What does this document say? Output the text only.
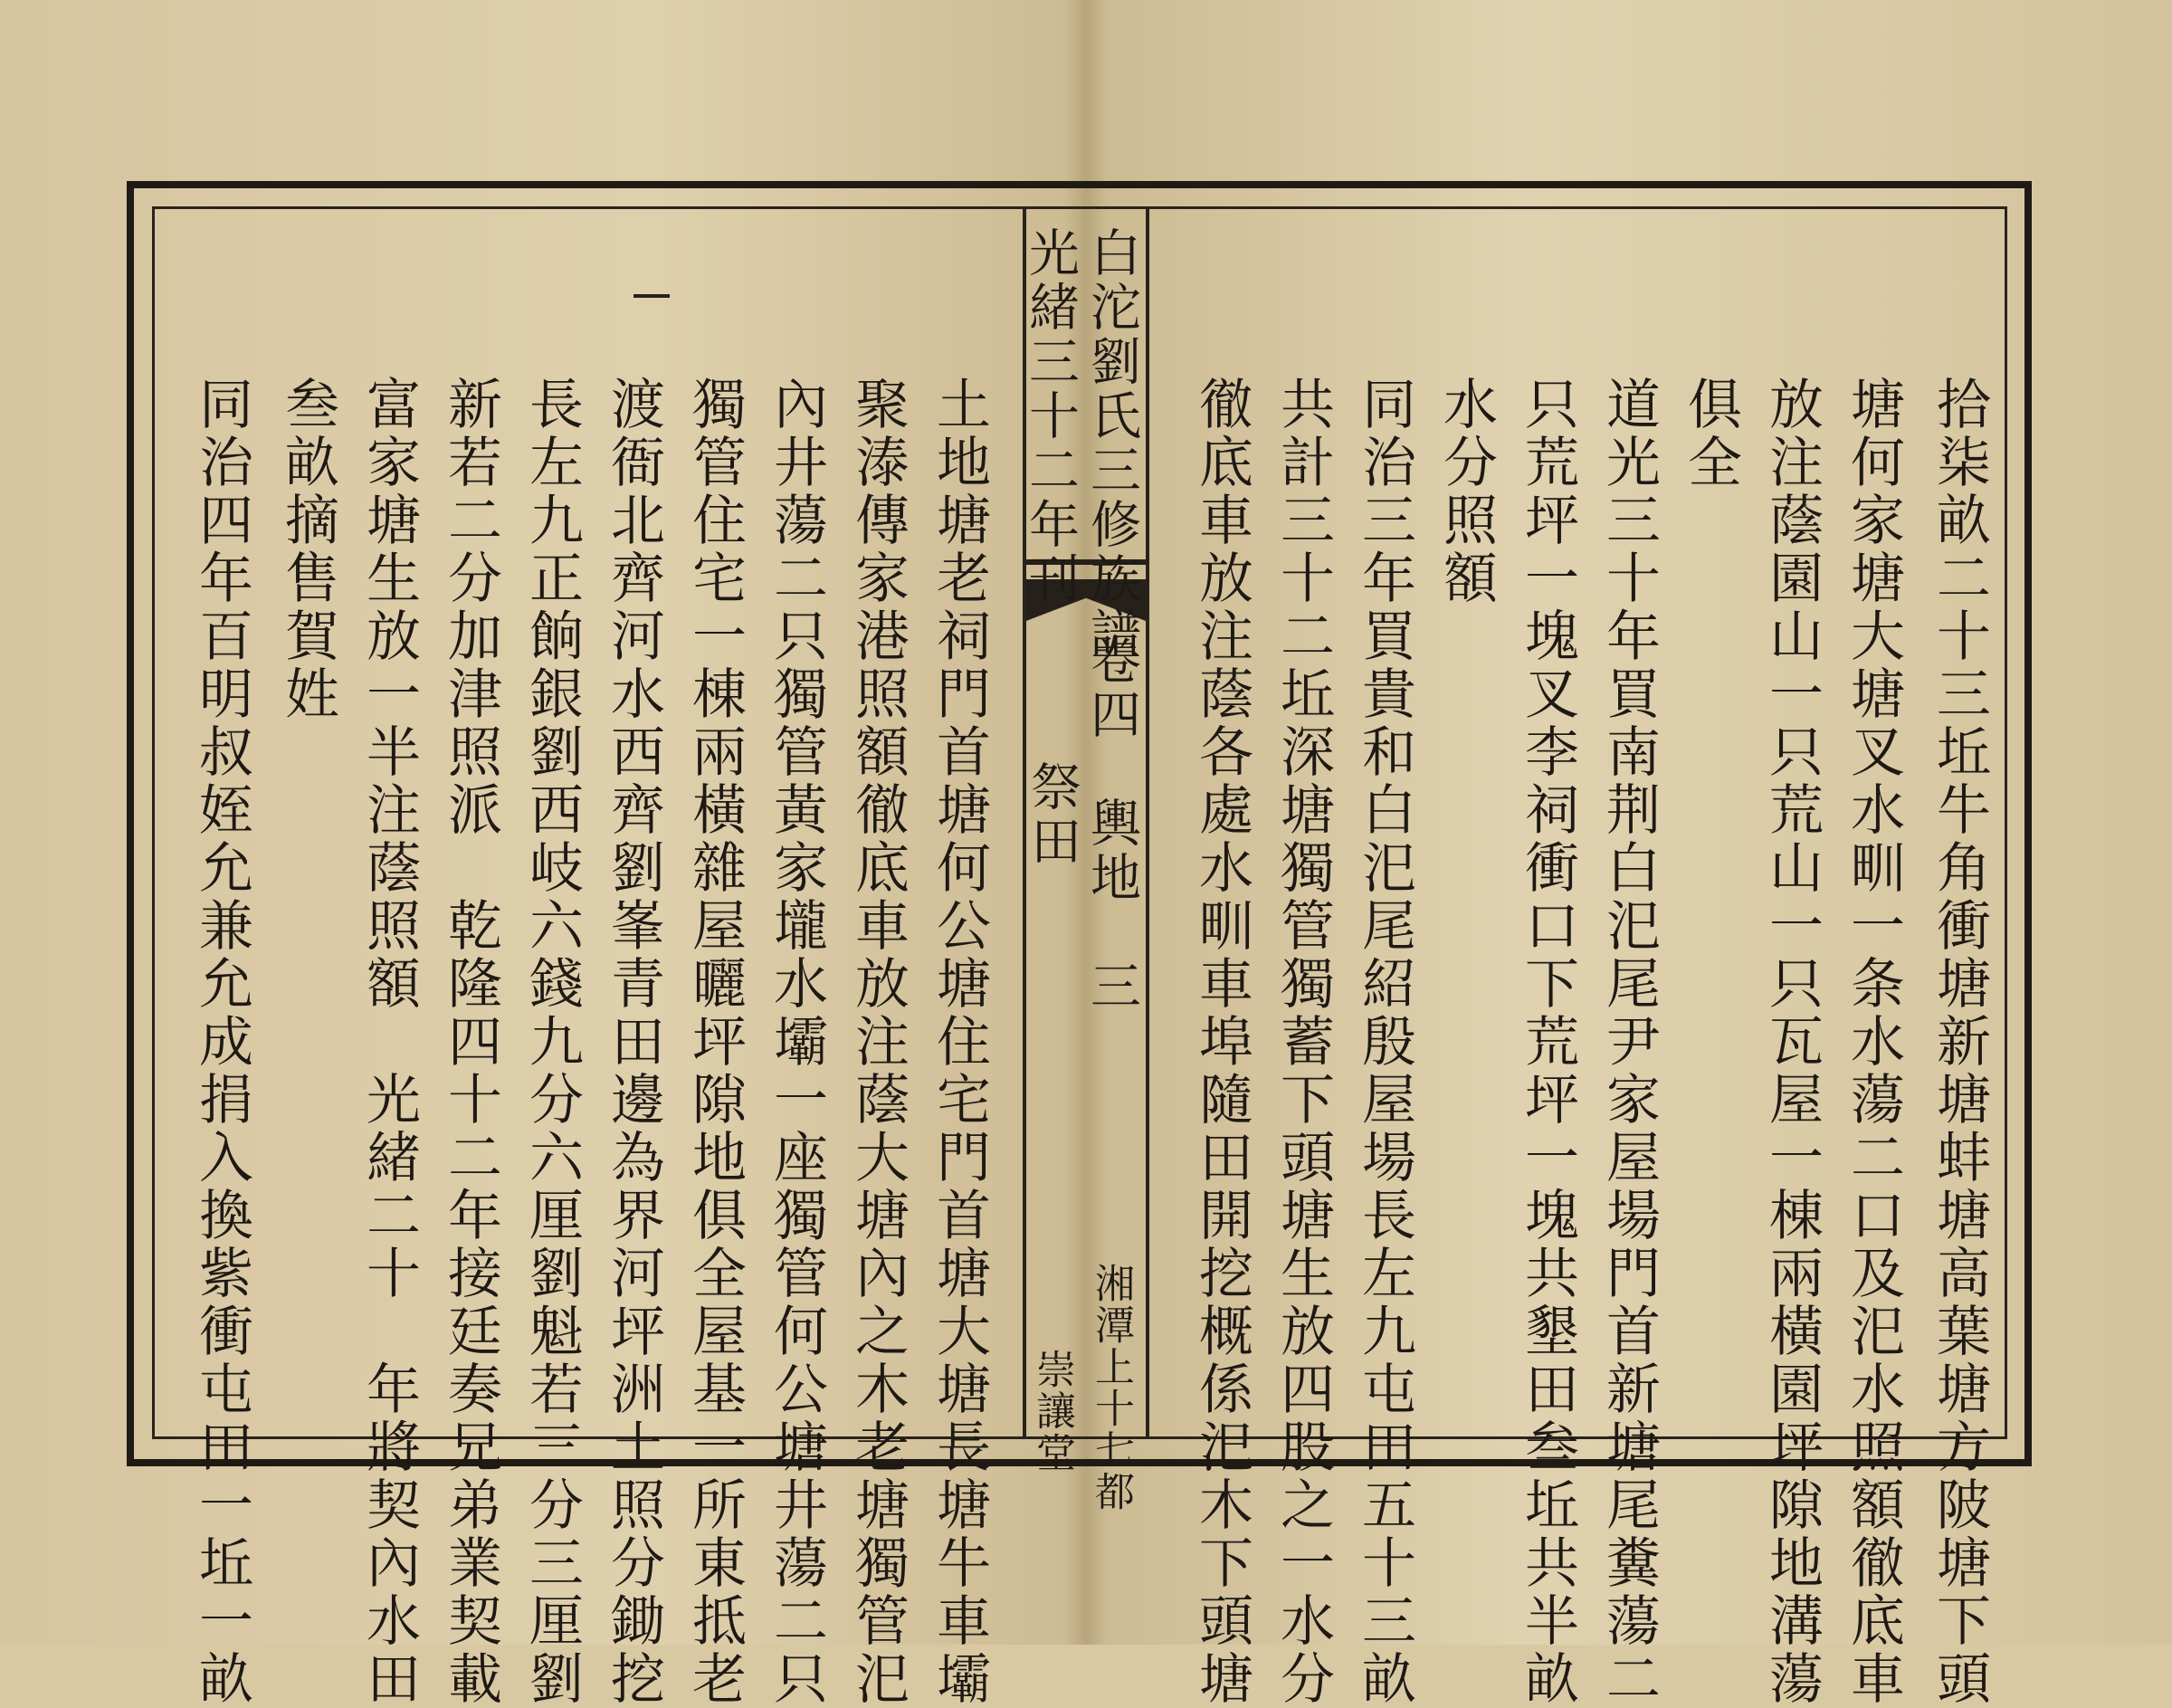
白沱劉氏三修族譜
光緒三十二年刊
卷四　輿地　三
祭田
湘潭上十七都
崇讓堂	拾柒畝二十三坵牛角衝塘新塘蚌塘高葉塘方陂塘下頭
塘何家塘大塘叉水甽一条水蕩二口及汜水照額徹底車
放注蔭園山一只荒山一只瓦屋一棟兩橫園坪隙地溝蕩
俱全
道光三十年買南荆白汜尾尹家屋場門首新塘尾糞蕩二
只荒坪一塊叉李祠衝口下荒坪一塊共墾田叁坵共半畝
水分照額
同治三年買貴和白汜尾紹殷屋場長左九屯田五十三畝
共計三十二坵深塘獨管獨蓄下頭塘生放四股之一水分
徹底車放注蔭各處水甽車埠隨田開挖概係汜木下頭塘
土地塘老祠門首塘何公塘住宅門首塘大塘長塘牛車壩
聚溙傳家港照額徹底車放注蔭大塘內之木老塘獨管汜
內井蕩二只獨管黃家壠水壩一座獨管何公塘井蕩二只
獨管住宅一棟兩橫雜屋曬坪隙地俱全屋基一所東抵老
渡衙北齊河水西齊劉峯青田邊為界河坪洲土照分鋤挖
長左九正餉銀劉西岐六錢九分六厘劉魁若三分三厘劉
新若二分加津照派　乾隆四十二年接廷奏兄弟業契載
富家塘生放一半注蔭照額　光緒二十　年將契內水田
叁畝摘售賀姓
同治四年百明叔姪允兼允成捐入換紫衝屯田一坵一畝
